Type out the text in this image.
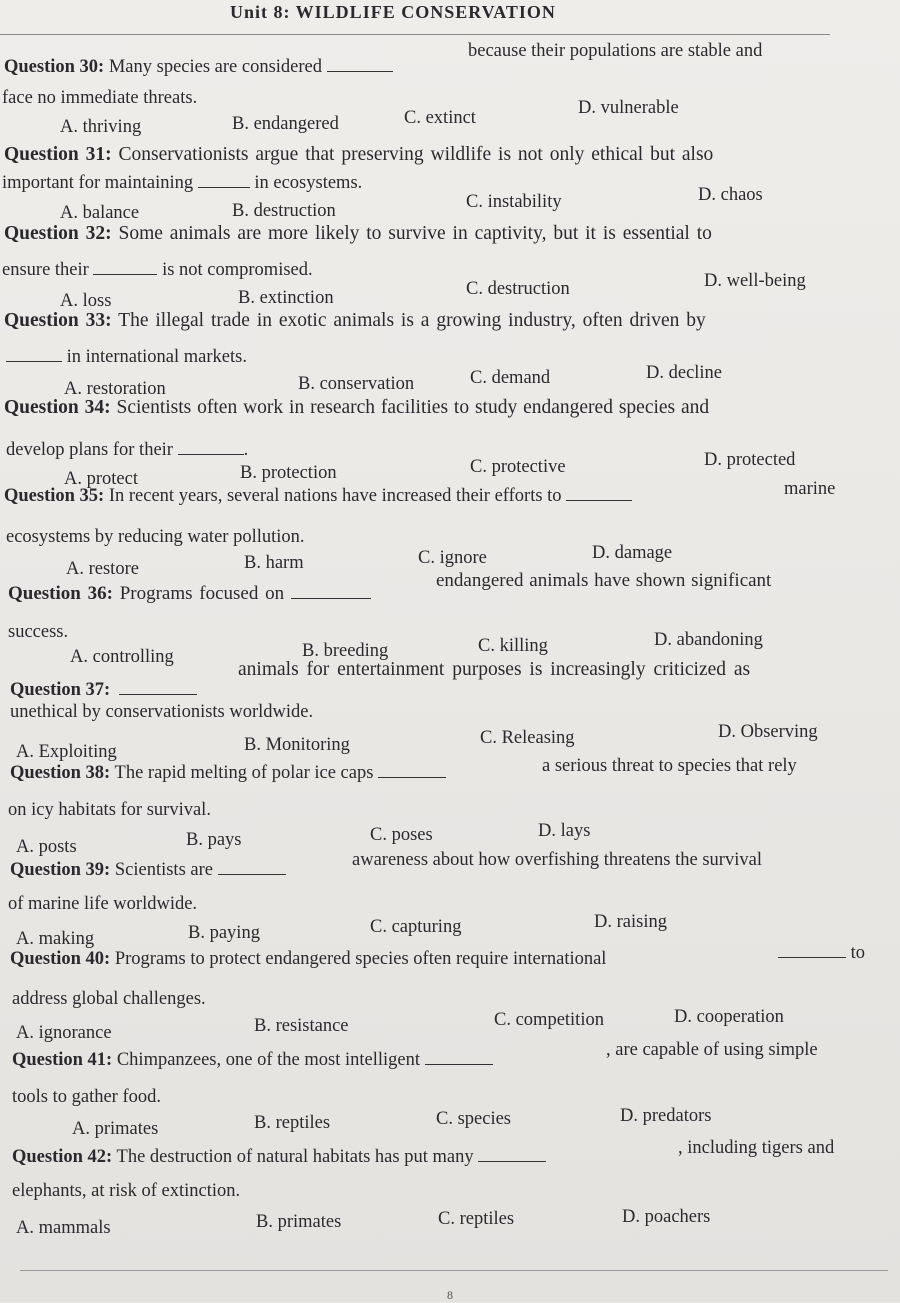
Unit 8: WILDLIFE CONSERVATION
Question 30: Many species are considered
because their populations are stable and
face no immediate threats.
A. thriving	B. endangered	C. extinct	D. vulnerable
Question 31: Conservationists argue that preserving wildlife is not only ethical but also
important for maintaining	in ecosystems.
A. balance	B. destruction	C. instability	D. chaos
Question 32: Some animals are more likely to survive in captivity, but it is essential to
ensure their	is not compromised.
A. loss	B. extinction	C. destruction	D. well-being
Question 33: The illegal trade in exotic animals is a growing industry, often driven by
in international markets.
A. restoration	B. conservation	C. demand	D. decline
Question 34: Scientists often work in research facilities to study endangered species and
develop plans for their	.
A. protect	B. protection	C. protective	D. protected
Question 35: In recent years, several nations have increased their efforts to	marine
ecosystems by reducing water pollution.
A. restore	B. harm	C. ignore	D. damage
Question 36: Programs focused on
endangered animals have shown significant
success.
A. controlling	B. breeding	C. killing	D. abandoning
Question 37:
animals for entertainment purposes is increasingly criticized as
unethical by conservationists worldwide.
A. Exploiting	B. Monitoring	C. Releasing	D. Observing
Question 38: The rapid melting of polar ice caps	a serious threat to species that rely
on icy habitats for survival.
A. posts	B. pays	C. poses	D. lays
Question 39: Scientists are	awareness about how overfishing threatens the survival
of marine life worldwide.
A. making	B. paying	C. capturing	D. raising
Question 40: Programs to protect endangered species often require international	to
address global challenges.
A. ignorance	B. resistance	C. competition	D. cooperation
Question 41: Chimpanzees, one of the most intelligent	, are capable of using simple
tools to gather food.
A. primates	B. reptiles	C. species	D. predators
Question 42: The destruction of natural habitats has put many	, including tigers and
elephants, at risk of extinction.
A. mammals	B. primates	C. reptiles	D. poachers
8
